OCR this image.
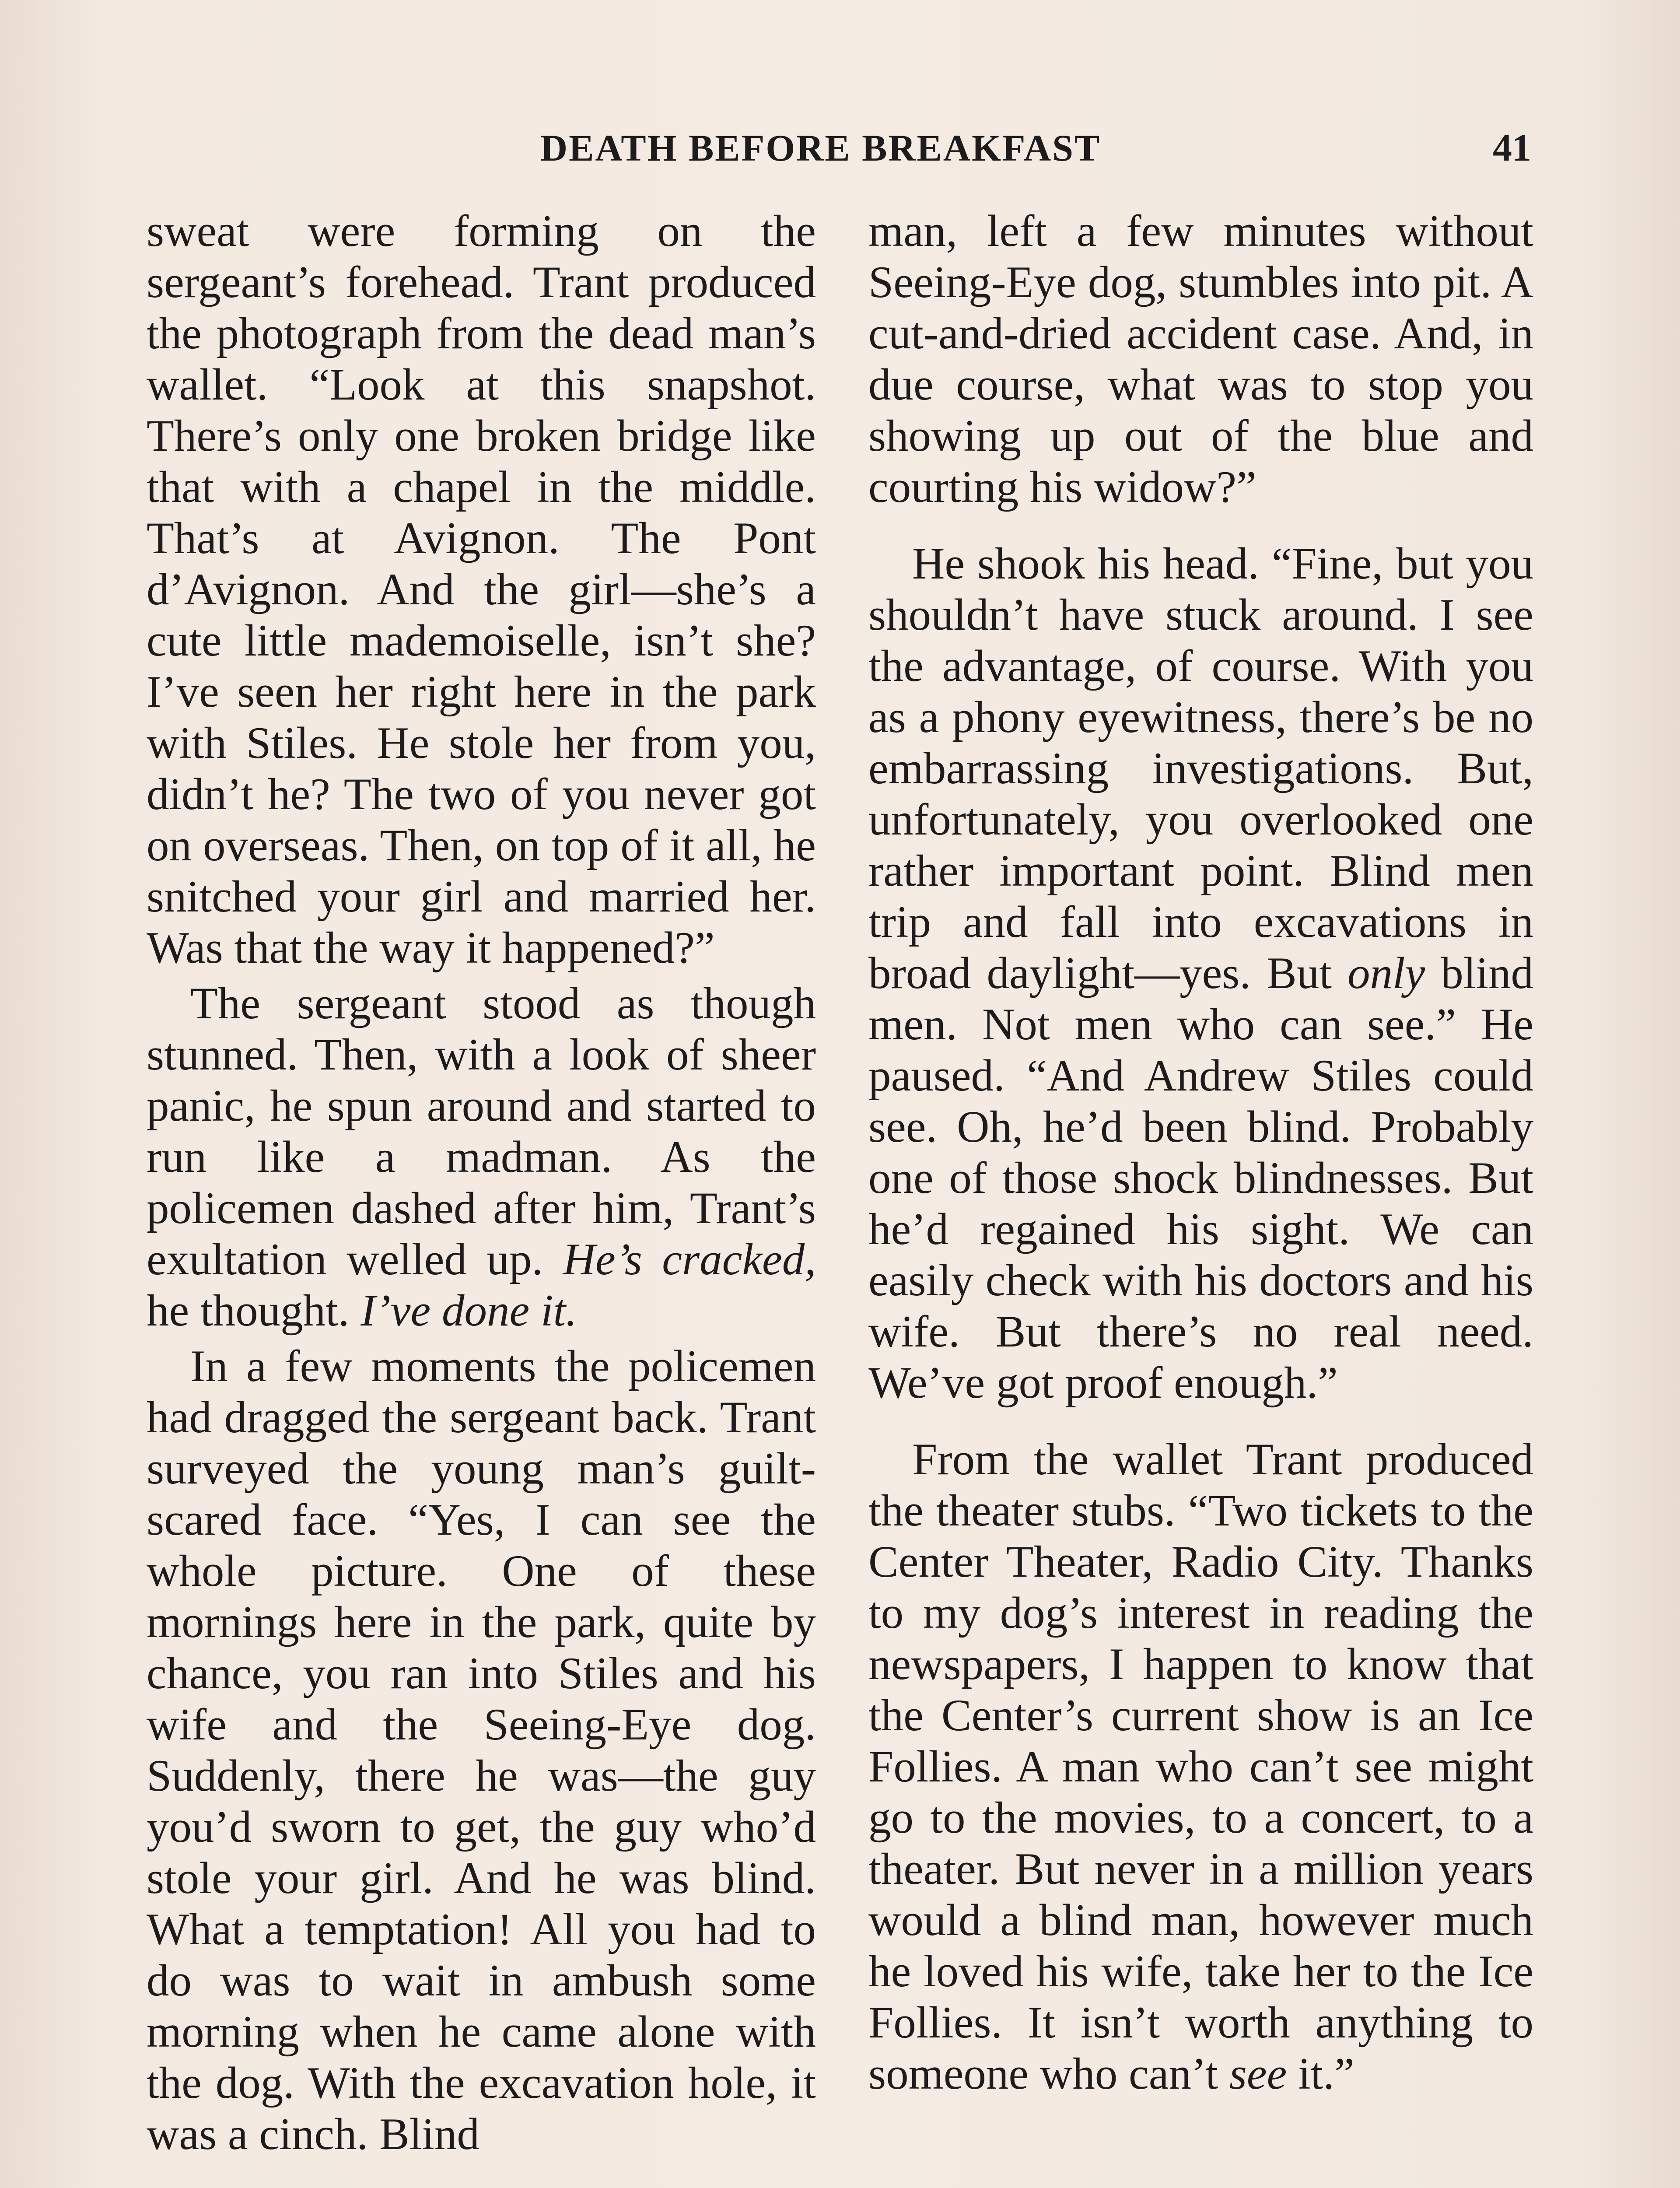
DEATH BEFORE BREAKFAST	41

sweat were forming on the sergeant’s forehead. Trant produced the photograph from the dead man’s wallet. “Look at this snapshot. There’s only one broken bridge like that with a chapel in the middle. That’s at Avignon. The Pont d’Avignon. And the girl—she’s a cute little mademoiselle, isn’t she? I’ve seen her right here in the park with Stiles. He stole her from you, didn’t he? The two of you never got on overseas. Then, on top of it all, he snitched your girl and married her. Was that the way it happened?”

The sergeant stood as though stunned. Then, with a look of sheer panic, he spun around and started to run like a madman. As the policemen dashed after him, Trant’s exultation welled up. He’s cracked, he thought. I’ve done it.

In a few moments the policemen had dragged the sergeant back. Trant surveyed the young man’s guilt-scared face. “Yes, I can see the whole picture. One of these mornings here in the park, quite by chance, you ran into Stiles and his wife and the Seeing-Eye dog. Suddenly, there he was—the guy you’d sworn to get, the guy who’d stole your girl. And he was blind. What a temptation! All you had to do was to wait in ambush some morning when he came alone with the dog. With the excavation hole, it was a cinch. Blind

man, left a few minutes without Seeing-Eye dog, stumbles into pit. A cut-and-dried accident case. And, in due course, what was to stop you showing up out of the blue and courting his widow?”

He shook his head. “Fine, but you shouldn’t have stuck around. I see the advantage, of course. With you as a phony eyewitness, there’s be no embarrassing investigations. But, unfortunately, you overlooked one rather important point. Blind men trip and fall into excavations in broad daylight—yes. But only blind men. Not men who can see.” He paused. “And Andrew Stiles could see. Oh, he’d been blind. Probably one of those shock blindnesses. But he’d regained his sight. We can easily check with his doctors and his wife. But there’s no real need. We’ve got proof enough.”

From the wallet Trant produced the theater stubs. “Two tickets to the Center Theater, Radio City. Thanks to my dog’s interest in reading the newspapers, I happen to know that the Center’s current show is an Ice Follies. A man who can’t see might go to the movies, to a concert, to a theater. But never in a million years would a blind man, however much he loved his wife, take her to the Ice Follies. It isn’t worth anything to someone who can’t see it.”
